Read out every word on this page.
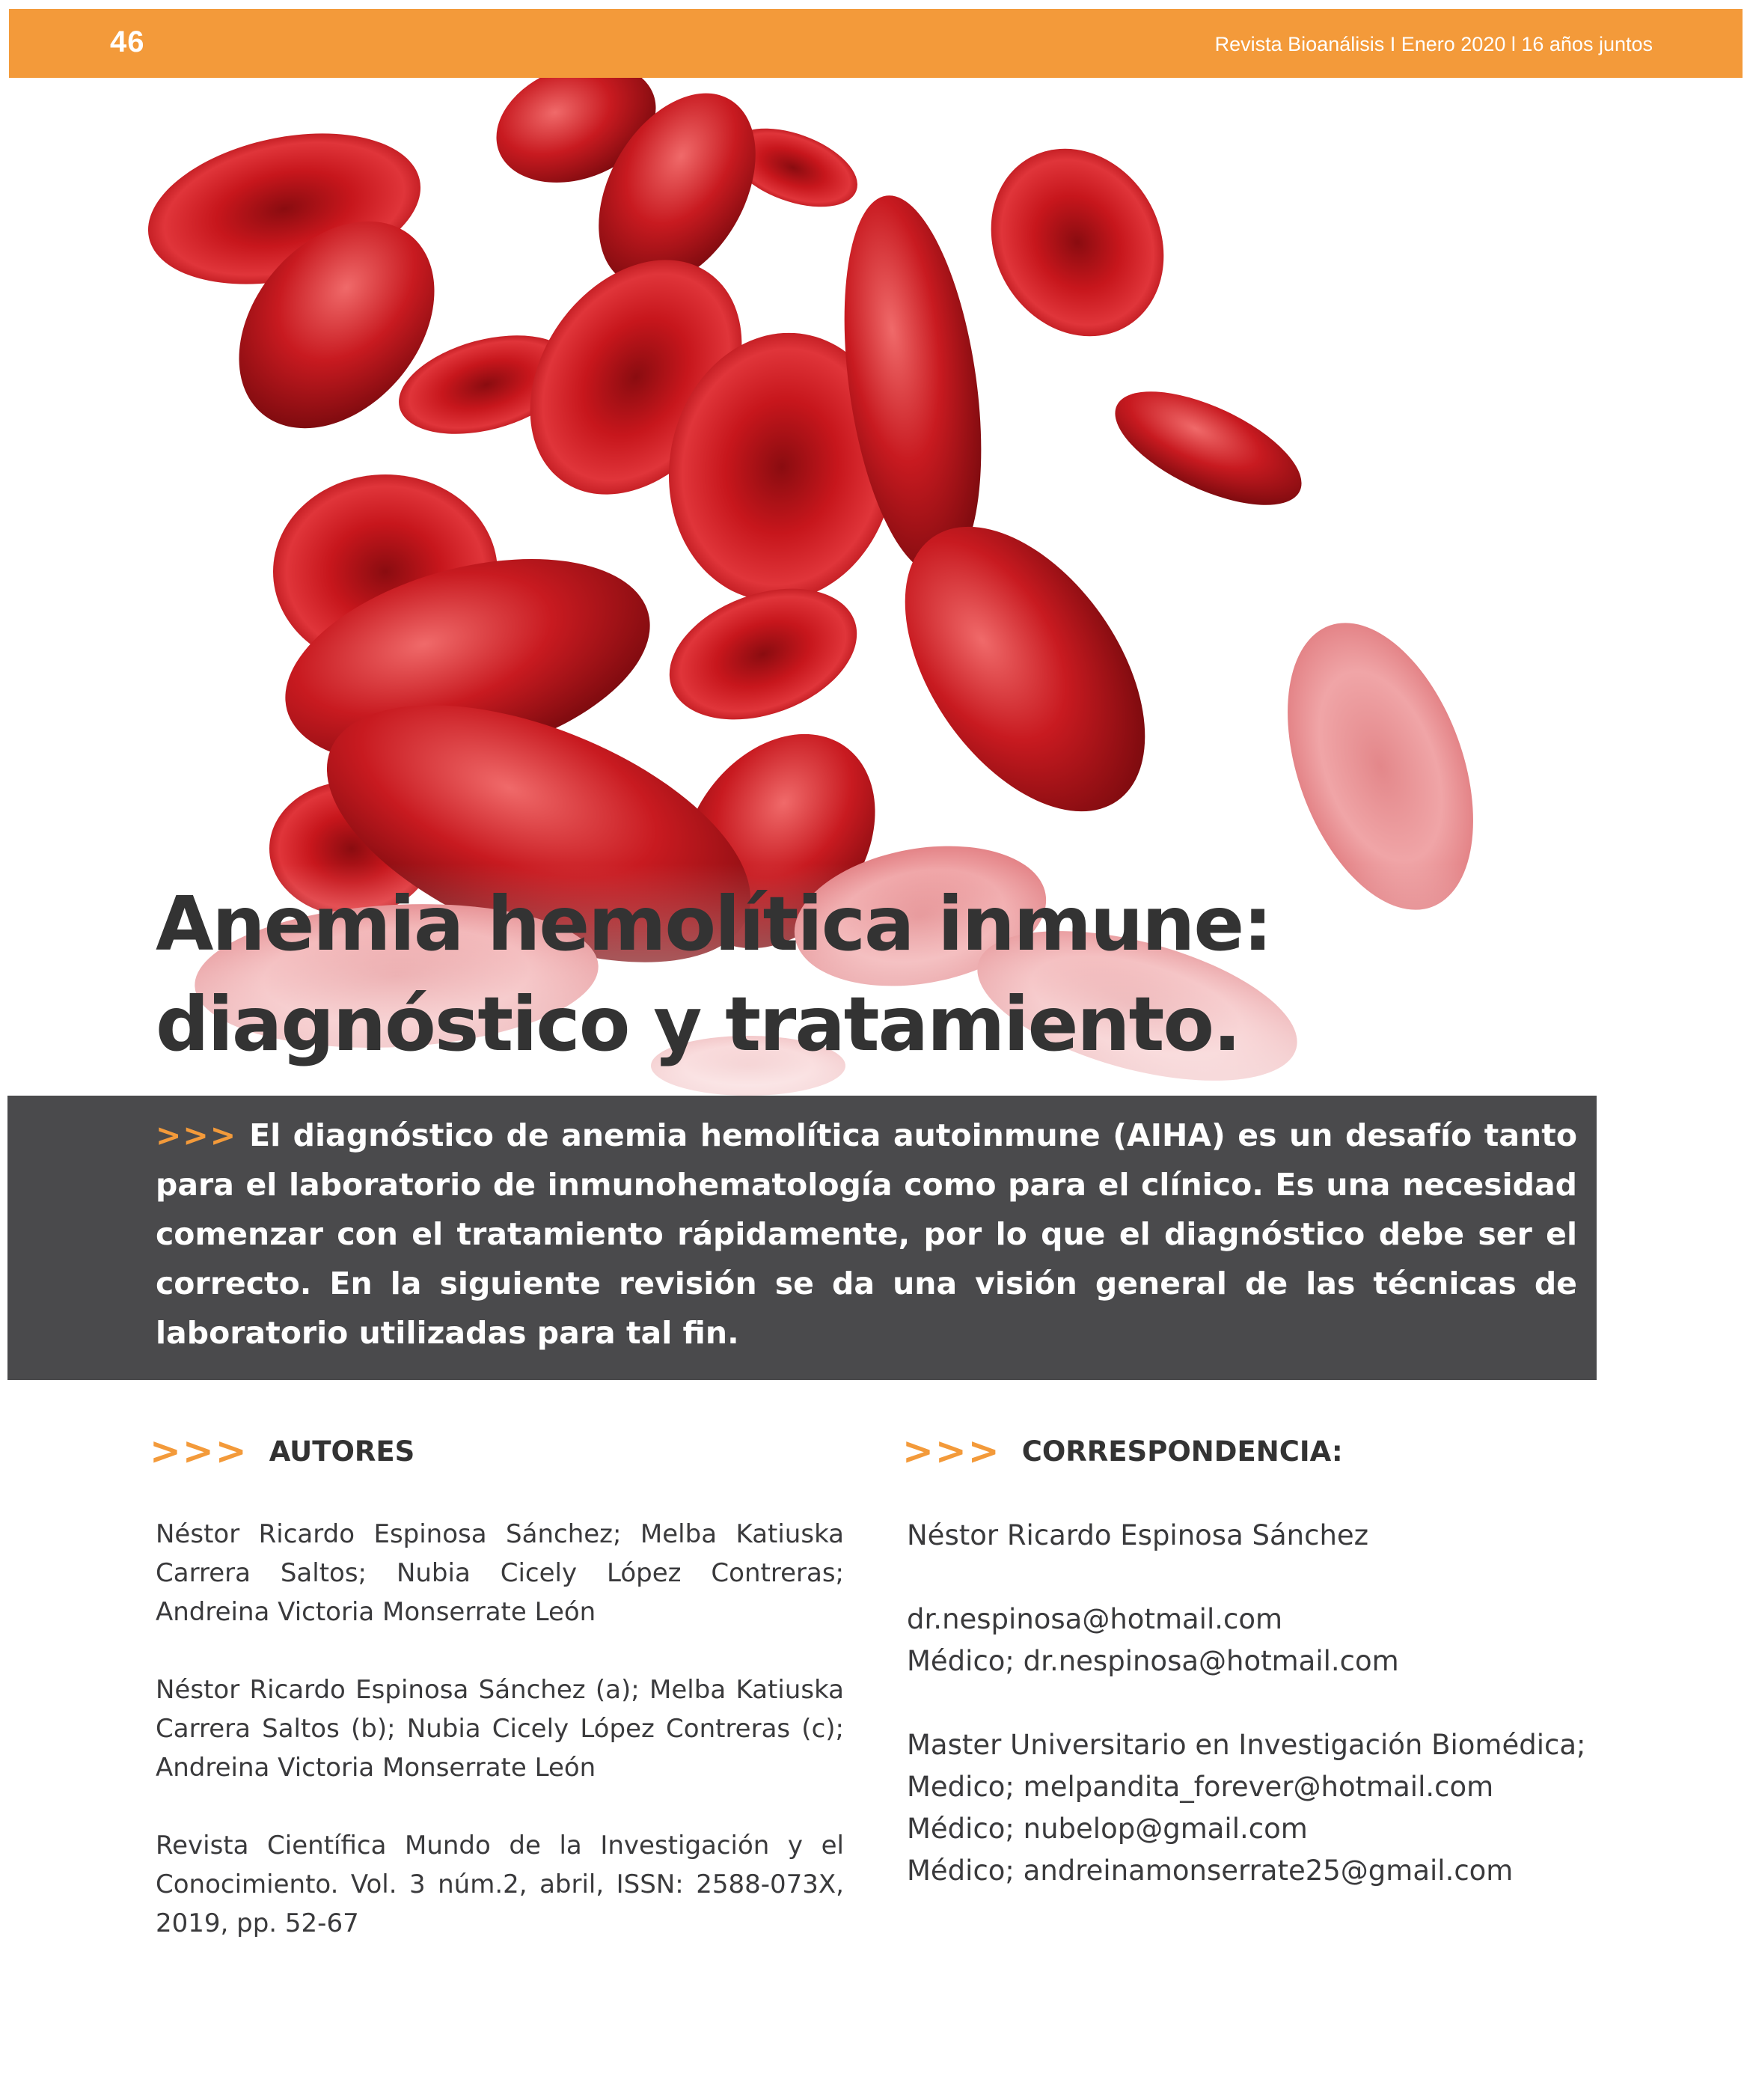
46	Revista Bioanálisis I Enero 2020 l 16 años juntos
Anemia hemolítica inmune:
diagnóstico y tratamiento.

>>> El diagnóstico de anemia hemolítica autoinmune (AIHA) es un desafío tanto para el laboratorio de inmunohematología como para el clínico. Es una necesidad comenzar con el tratamiento rápidamente, por lo que el diagnóstico debe ser el correcto. En la siguiente revisión se da una visión general de las técnicas de laboratorio utilizadas para tal fin.

>>> AUTORES	>>> CORRESPONDENCIA:

Néstor Ricardo Espinosa Sánchez; Melba Katiuska Carrera Saltos; Nubia Cicely López Contreras; Andreina Victoria Monserrate León

Néstor Ricardo Espinosa Sánchez (a); Melba Katiuska Carrera Saltos (b); Nubia Cicely López Contreras (c); Andreina Victoria Monserrate León

Revista Científica Mundo de la Investigación y el Conocimiento. Vol. 3 núm.2, abril, ISSN: 2588-073X, 2019, pp. 52-67

Néstor Ricardo Espinosa Sánchez

dr.nespinosa@hotmail.com
Médico; dr.nespinosa@hotmail.com

Master Universitario en Investigación Biomédica;
Medico; melpandita_forever@hotmail.com
Médico; nubelop@gmail.com
Médico; andreinamonserrate25@gmail.com
